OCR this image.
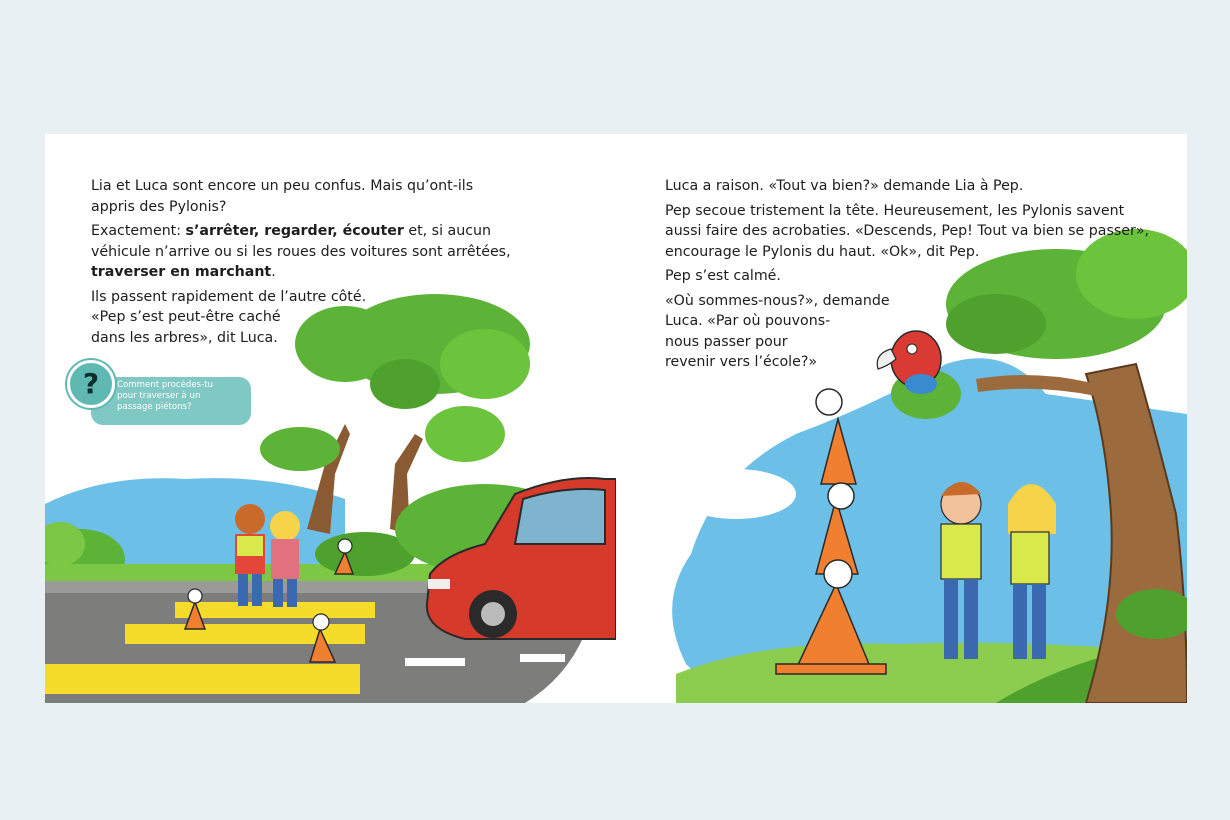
Lia et Luca sont encore un peu confus. Mais qu’ont-ils appris des Pylonis?

Exactement: s’arrêter, regarder, écouter et, si aucun véhicule n’arrive ou si les roues des voitures sont arrêtées, traverser en marchant.

Ils passent rapidement de l’autre côté.
«Pep s’est peut-être caché
dans les arbres», dit Luca.

?	Comment procèdes-tu
pour traverser à un
passage piétons?

Luca a raison. «Tout va bien?» demande Lia à Pep.

Pep secoue tristement la tête. Heureusement, les Pylonis savent aussi faire des acrobaties. «Descends, Pep! Tout va bien se passer», encourage le Pylonis du haut. «Ok», dit Pep.

Pep s’est calmé.

«Où sommes-nous?», demande
Luca. «Par où pouvons-
nous passer pour
revenir vers l’école?»
